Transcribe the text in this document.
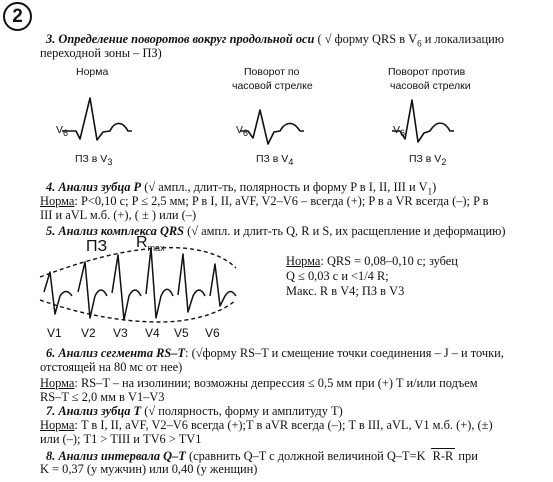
2
3. Определение поворотов вокруг продольной оси ( √ форму QRS в $V_6$ и локализацию
переходной зоны – ПЗ)
Норма	Поворот по
часовой стрелке
Поворот против
часовой стрелки
$V_6$	$V_6$	$V_6$
ПЗ в $V_3$	ПЗ в $V_4$	ПЗ в $V_2$
4. Анализ зубца P (√ ампл., длит-ть, полярность и форму P в I, II, III и $V_1$)
Норма: P<0,10 c; P ≤ 2,5 мм; P в I, II, aVF, V2–V6 – всегда (+); P в а VR всегда (–); P в
III и aVL м.б. (+), ( ± ) или (–)
5. Анализ комплекса QRS (√ ампл. и длит-ть Q, R и S, их расщепление и деформацию)
ПЗ $R_{max}$
V1 V2 V3 V4 V5 V6
Норма: QRS = 0,08–0,10 с; зубец
Q ≤ 0,03 с и <1/4 R;
Макс. R в V4; ПЗ в V3
6. Анализ сегмента RS–T: (√форму RS–T и смещение точки соединения – J – и точки,
отстоящей на 80 мс от нее)
Норма: RS–T – на изолинии; возможны депрессия ≤ 0,5 мм при (+) T и/или подъем
RS–T ≤ 2,0 мм в V1–V3
7. Анализ зубца T (√ полярность, форму и амплитуду T)
Норма: T в I, II, aVF, V2–V6 всегда (+);T в aVR всегда (–); T в III, aVL, V1 м.б. (+), (±)
или (–); T1 > TIII и TV6 > TV1
8. Анализ интервала Q–T (сравнить Q–T с должной величиной Q–T=K R-R при
K = 0,37 (у мужчин) или 0,40 (у женщин)
